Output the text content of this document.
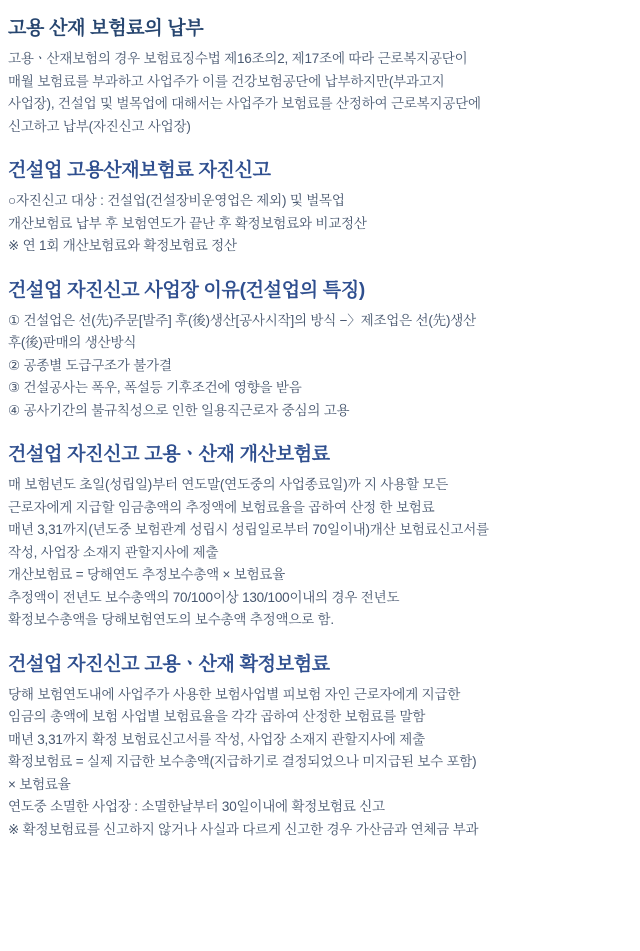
고용 산재 보험료의 납부

고용ㆍ산재보험의 경우 보험료징수법 제16조의2, 제17조에 따라 근로복지공단이

매월 보험료를 부과하고 사업주가 이를 건강보험공단에 납부하지만(부과고지

사업장), 건설업 및 벌목업에 대해서는 사업주가 보험료를 산정하여 근로복지공단에

신고하고 납부(자진신고 사업장)

건설업 고용산재보험료 자진신고

○자진신고 대상 : 건설업(건설장비운영업은 제외) 및 벌목업

개산보험료 납부 후 보험연도가 끝난 후 확정보험료와 비교정산

※ 연 1회 개산보험료와 확정보험료 정산

건설업 자진신고 사업장 이유(건설업의 특징)

① 건설업은 선(先)주문[발주] 후(後)생산[공사시작]의 방식 −〉제조업은 선(先)생산

후(後)판매의 생산방식

② 공종별 도급구조가 불가결

③ 건설공사는 폭우, 폭설등 기후조건에 영향을 받음

④ 공사기간의 불규칙성으로 인한 일용직근로자 중심의 고용

건설업 자진신고 고용ㆍ산재 개산보험료

매 보험년도 초일(성립일)부터 연도말(연도중의 사업종료일)까 지 사용할 모든

근로자에게 지급할 임금총액의 추정액에 보험료율을 곱하여 산정 한 보험료

매년 3,31까지(년도중 보험관계 성립시 성립일로부터 70일이내)개산 보험료신고서를

작성, 사업장 소재지 관할지사에 제출

개산보험료 = 당해연도 추정보수총액 × 보험료율

추정액이 전년도 보수총액의 70/100이상 130/100이내의 경우 전년도

확정보수총액을 당해보험연도의 보수총액 추정액으로 함.

건설업 자진신고 고용ㆍ산재 확정보험료

당해 보험연도내에 사업주가 사용한 보험사업별 피보험 자인 근로자에게 지급한

임금의 총액에 보험 사업별 보험료율을 각각 곱하여 산정한 보험료를 말함

매년 3,31까지 확정 보험료신고서를 작성, 사업장 소재지 관할지사에 제출

확정보험료 = 실제 지급한 보수총액(지급하기로 결정되었으나 미지급된 보수 포함)

× 보험료율

연도중 소멸한 사업장 : 소멸한날부터 30일이내에 확정보험료 신고

※ 확정보험료를 신고하지 않거나 사실과 다르게 신고한 경우 가산금과 연체금 부과
